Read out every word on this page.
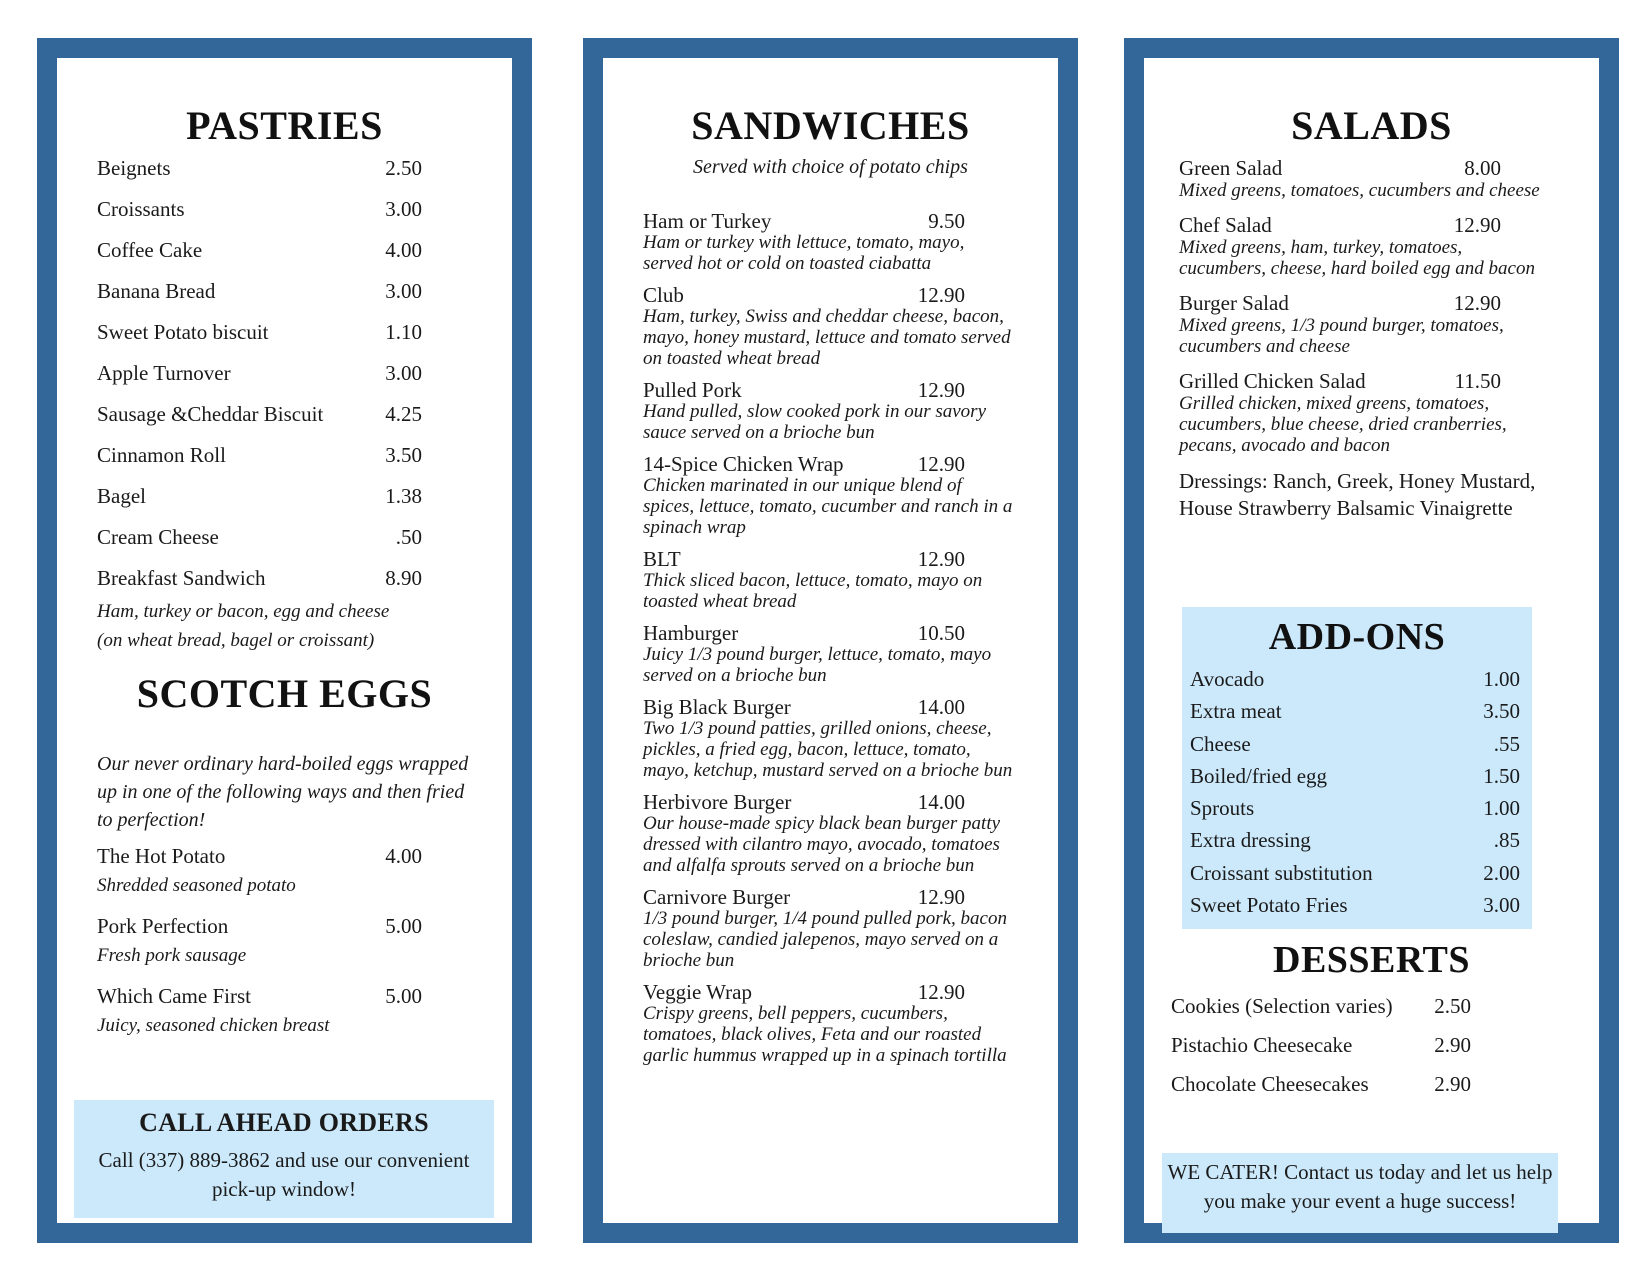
PASTRIES
Beignets	2.50
Croissants	3.00
Coffee Cake	4.00
Banana Bread	3.00
Sweet Potato biscuit	1.10
Apple Turnover	3.00
Sausage &Cheddar Biscuit	4.25
Cinnamon Roll	3.50
Bagel	1.38
Cream Cheese	.50
Breakfast Sandwich	8.90
Ham, turkey or bacon, egg and cheese
(on wheat bread, bagel or croissant)
SCOTCH EGGS
Our never ordinary hard-boiled eggs wrapped up in one of the following ways and then fried to perfection!
The Hot Potato	4.00
Shredded seasoned potato
Pork Perfection	5.00
Fresh pork sausage
Which Came First	5.00
Juicy, seasoned chicken breast
CALL AHEAD ORDERS
Call (337) 889-3862 and use our convenient pick-up window!
SANDWICHES
Served with choice of potato chips
Ham or Turkey	9.50
Ham or turkey with lettuce, tomato, mayo, served hot or cold on toasted ciabatta
Club	12.90
Ham, turkey, Swiss and cheddar cheese, bacon, mayo, honey mustard, lettuce and tomato served on toasted wheat bread
Pulled Pork	12.90
Hand pulled, slow cooked pork in our savory sauce served on a brioche bun
14-Spice Chicken Wrap	12.90
Chicken marinated in our unique blend of spices, lettuce, tomato, cucumber and ranch in a spinach wrap
BLT	12.90
Thick sliced bacon, lettuce, tomato, mayo on toasted wheat bread
Hamburger	10.50
Juicy 1/3 pound burger, lettuce, tomato, mayo served on a brioche bun
Big Black Burger	14.00
Two 1/3 pound patties, grilled onions, cheese, pickles, a fried egg, bacon, lettuce, tomato, mayo, ketchup, mustard served on a brioche bun
Herbivore Burger	14.00
Our house-made spicy black bean burger patty dressed with cilantro mayo, avocado, tomatoes and alfalfa sprouts served on a brioche bun
Carnivore Burger	12.90
1/3 pound burger, 1/4 pound pulled pork, bacon coleslaw, candied jalepenos, mayo served on a brioche bun
Veggie Wrap	12.90
Crispy greens, bell peppers, cucumbers, tomatoes, black olives, Feta and our roasted garlic hummus wrapped up in a spinach tortilla
SALADS
Green Salad	8.00
Mixed greens, tomatoes, cucumbers and cheese
Chef Salad	12.90
Mixed greens, ham, turkey, tomatoes, cucumbers, cheese, hard boiled egg and bacon
Burger Salad	12.90
Mixed greens, 1/3 pound burger, tomatoes, cucumbers and cheese
Grilled Chicken Salad	11.50
Grilled chicken, mixed greens, tomatoes, cucumbers, blue cheese, dried cranberries, pecans, avocado and bacon
Dressings: Ranch, Greek, Honey Mustard, House Strawberry Balsamic Vinaigrette
ADD-ONS
Avocado	1.00
Extra meat	3.50
Cheese	.55
Boiled/fried egg	1.50
Sprouts	1.00
Extra dressing	.85
Croissant substitution	2.00
Sweet Potato Fries	3.00
DESSERTS
Cookies (Selection varies) 2.50
Pistachio Cheesecake	2.90
Chocolate Cheesecakes	2.90
WE CATER! Contact us today and let us help you make your event a huge success!
